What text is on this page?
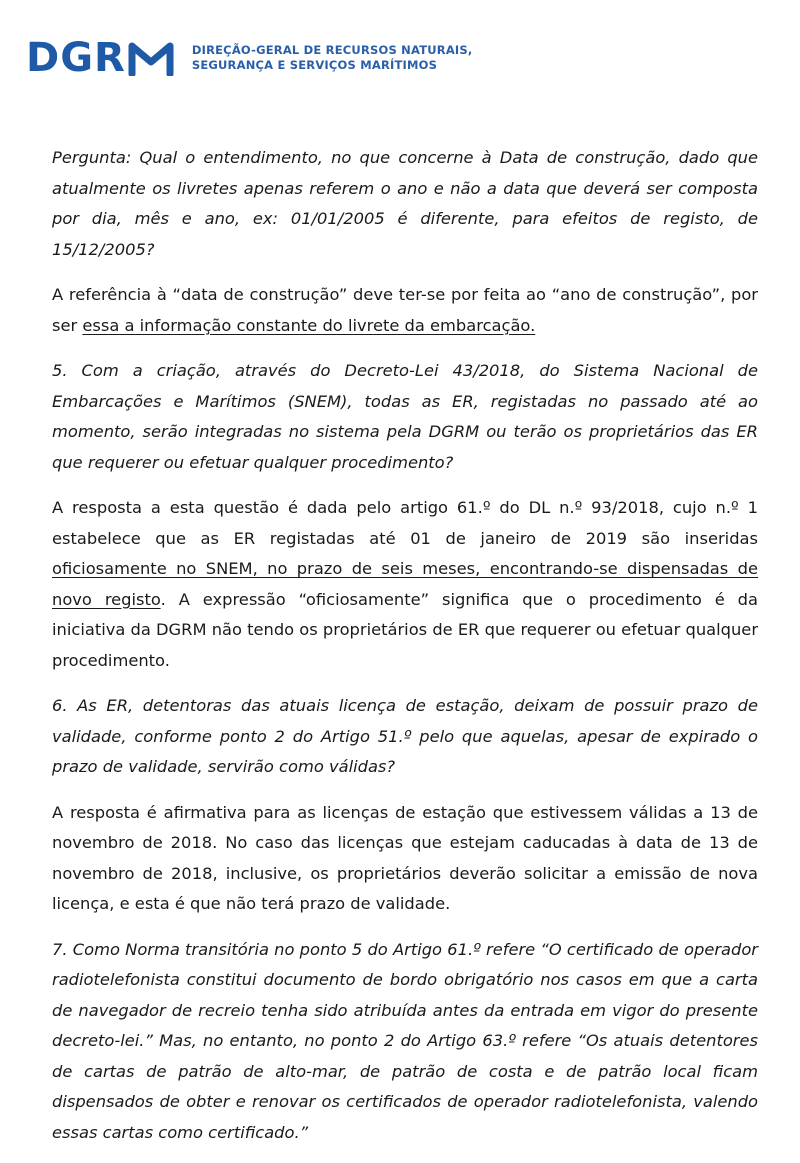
DGR	DIREÇÃO-GERAL DE RECURSOS NATURAIS,
SEGURANÇA E SERVIÇOS MARÍTIMOS

Pergunta: Qual o entendimento, no que concerne à Data de construção, dado que atualmente os livretes apenas referem o ano e não a data que deverá ser composta por dia, mês e ano, ex: 01/01/2005 é diferente, para efeitos de registo, de 15/12/2005?

A referência à “data de construção” deve ter-se por feita ao “ano de construção”, por ser essa a informação constante do livrete da embarcação.

5. Com a criação, através do Decreto-Lei 43/2018, do Sistema Nacional de Embarcações e Marítimos (SNEM), todas as ER, registadas no passado até ao momento, serão integradas no sistema pela DGRM ou terão os proprietários das ER que requerer ou efetuar qualquer procedimento?

A resposta a esta questão é dada pelo artigo 61.º do DL n.º 93/2018, cujo n.º 1 estabelece que as ER registadas até 01 de janeiro de 2019 são inseridas oficiosamente no SNEM, no prazo de seis meses, encontrando-se dispensadas de novo registo. A expressão “oficiosamente” significa que o procedimento é da iniciativa da DGRM não tendo os proprietários de ER que requerer ou efetuar qualquer procedimento.

6. As ER, detentoras das atuais licença de estação, deixam de possuir prazo de validade, conforme ponto 2 do Artigo 51.º pelo que aquelas, apesar de expirado o prazo de validade, servirão como válidas?

A resposta é afirmativa para as licenças de estação que estivessem válidas a 13 de novembro de 2018. No caso das licenças que estejam caducadas à data de 13 de novembro de 2018, inclusive, os proprietários deverão solicitar a emissão de nova licença, e esta é que não terá prazo de validade.

7. Como Norma transitória no ponto 5 do Artigo 61.º refere “O certificado de operador radiotelefonista constitui documento de bordo obrigatório nos casos em que a carta de navegador de recreio tenha sido atribuída antes da entrada em vigor do presente decreto-lei.” Mas, no entanto, no ponto 2 do Artigo 63.º refere “Os atuais detentores de cartas de patrão de alto-mar, de patrão de costa e de patrão local ficam dispensados de obter e renovar os certificados de operador radiotelefonista, valendo essas cartas como certificado.”
